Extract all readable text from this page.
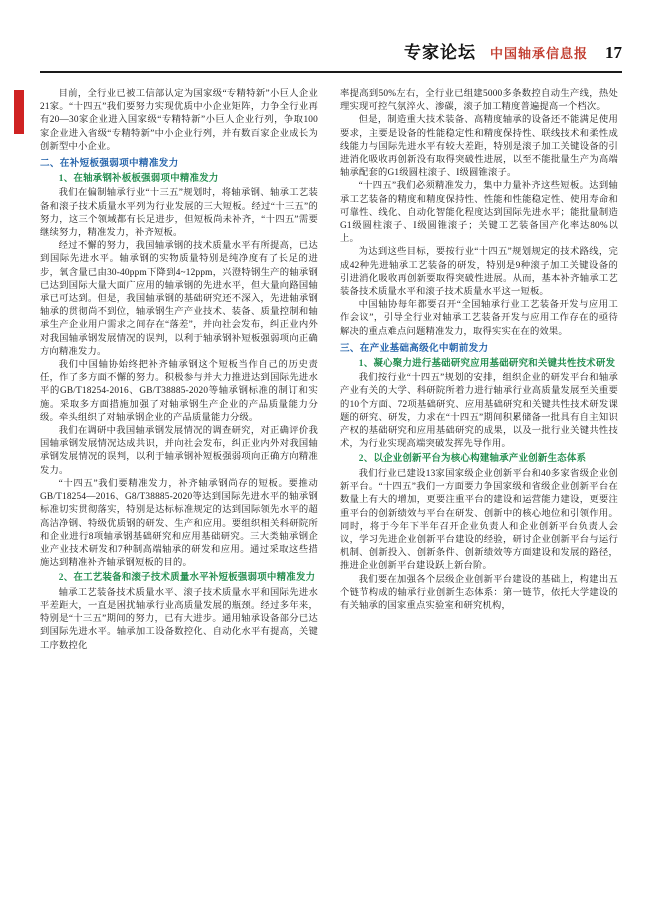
专家论坛 中国轴承信息报 17

目前，全行业已被工信部认定为国家级“专精特新”小巨人企业21家。“十四五”我们要努力实现优质中小企业矩阵，力争全行业再有20—30家企业进入国家级“专精特新”小巨人企业行列，争取100家企业进入省级“专精特新”中小企业行列，并有数百家企业成长为创新型中小企业。

二、在补短板强弱项中精准发力
1、在轴承钢补板板强弱项中精准发力

我们在偏制轴承行业“十三五”规划时，将轴承钢、轴承工艺装备和滚子技术质量水平列为行业发展的三大短板。经过“十三五”的努力，这三个领域都有长足进步，但短板尚未补齐，“十四五”需要继续努力，精准发力，补齐短板。

经过不懈的努力，我国轴承钢的技术质量水平有所提高，已达到国际先进水平。轴承钢的实物质量特别是纯净度有了长足的进步，氧含量已由30-40ppm下降到4~12ppm，兴澄特钢生产的轴承钢已达到国际大量大面广应用的轴承钢的先进水平，但大量向路国轴承已可达到。但是，我国轴承钢的基础研究还不深入，先进轴承钢轴承的贯彻尚不到位，轴承钢生产产业技术、装备、质量控制和轴承生产企业用户需求之间存在“落差”，并向社会发布，纠正业内外对我国轴承钢发展情况的误判，以利于轴承钢补短板强弱项向正确方向精准发力。

我们中国轴协始终把补齐轴承钢这个短板当作自己的历史责任，作了多方面不懈的努力。积极参与并大力推进达到国际先进水平的GB/T18254-2016、GB/T38885-2020等轴承钢标准的制订和实施。采取多方面措施加强了对轴承钢生产企业的产品质量能力分级。牵头组织了对轴承钢企业的产品质量能力分级。

我们在调研中我国轴承钢发展情况的调查研究，对正确评价我国轴承钢发展情况达成共识，并向社会发布，纠正业内外对我国轴承钢发展情况的误判，以利于轴承钢补短板强弱项向正确方向精准发力。

“十四五”我们要精准发力，补齐轴承钢尚存的短板。要推动GB/T18254—2016、G8/T38885-2020等达到国际先进水平的轴承钢标准切实贯彻落实，特别是达标标准规定的达到国际领先水平的超高洁净钢、特级优质钢的研发、生产和应用。要组织相关科研院所和企业进行8项轴承钢基础研究和应用基础研究。三大类轴承钢企业产业技术研发和7种制高端轴承的研发和应用。通过采取这些措施达到精准补齐轴承钢短板的目的。

2、在工艺装备和滚子技术质量水平补短板强弱项中精准发力

轴承工艺装备技术质量水平、滚子技术质量水平和国际先进水平差距大，一直是困扰轴承行业高质量发展的瓶颈。经过多年来，特别是“十三五”期间的努力，已有大进步。通用轴承设备部分已达到国际先进水平。轴承加工设备数控化、自动化水平有提高，关键工序数控化

率提高到50%左右，全行业已组建5000多条数控自动生产线，热处理实现可控气氛淬火、渗碳，滚子加工精度普遍提高一个档次。

但是，制造重大技术装备、高精度轴承的设备还不能满足使用要求，主要是设备的性能稳定性和精度保持性、联线技术和柔性成线能力与国际先进水平有较大差距，特别是滚子加工关键设备的引进消化吸收再创新没有取得突破性进展，以至不能批量生产为高端轴承配套的G1级圆柱滚子、I级圆锥滚子。

“十四五”我们必须精准发力，集中力量补齐这些短板。达到轴承工艺装备的精度和精度保持性、性能和性能稳定性、使用寿命和可靠性、线化、自动化智能化程度达到国际先进水平；能批量制造G1级圆柱滚子、I级圆锥滚子；关键工艺装备国产化率达80%以上。

为达到这些目标，要按行业“十四五”规划规定的技术路线，完成42种先进轴承工艺装备的研发，特别是9种滚子加工关键设备的引进消化吸收再创新要取得突破性进展。从而，基本补齐轴承工艺装备技术质量水平和滚子技术质量水平这一短板。

中国轴协每年都要召开“全国轴承行业工艺装备开发与应用工作会议”，引导全行业对轴承工艺装备开发与应用工作存在的亟待解决的重点难点问题精准发力，取得实实在在的效果。

三、在产业基础高级化中朝前发力
1、凝心聚力进行基础研究应用基础研究和关键共性技术研发

我们按行业“十四五”规划的安排，组织企业的研发平台和轴承产业有关的大学、科研院所着力进行轴承行业高质量发展至关重要的10个方面、72项基础研究、应用基础研究和关键共性技术研发课题的研究、研发，力求在“十四五”期间积累储备一批具有自主知识产权的基础研究和应用基础研究的成果，以及一批行业关键共性技术，为行业实现高端突破发挥先导作用。

2、以企业创新平台为核心构建轴承产业创新生态体系

我们行业已建设13家国家级企业创新平台和40多家省级企业创新平台。“十四五”我们一方面要力争国家级和省级企业创新平台在数量上有大的增加，更要注重平台的建设和运营能力建设，更要注重平台的创新绩效与平台在研发、创新中的核心地位和引领作用。同时，将于今年下半年召开企业负责人和企业创新平台负责人会议，学习先进企业创新平台建设的经验，研讨企业创新平台与运行机制、创新投入、创新条件、创新绩效等方面建设和发展的路径，推进企业创新平台建设跃上新台阶。

我们要在加强各个层级企业创新平台建设的基础上，构建出五个链节构成的轴承行业创新生态体系：第一链节，依托大学建设的有关轴承的国家重点实验室和研究机构，
